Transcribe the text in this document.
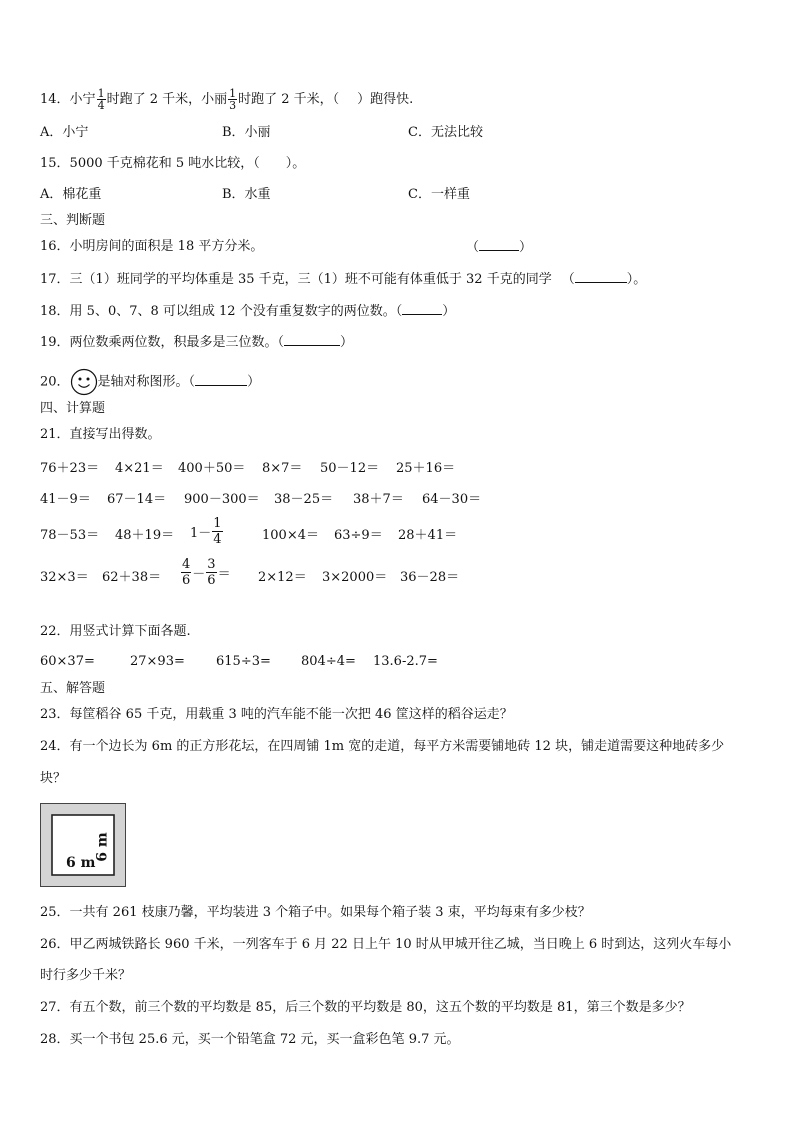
14．小宁 $\frac{1}{4}$ 时跑了 2 千米，小丽 $\frac{1}{3}$ 时跑了 2 千米，（ ）跑得快.
A．小宁	B．小丽	C．无法比较
15．5000 千克棉花和 5 吨水比较，（　　）。
A．棉花重	B．水重	C．一样重
三、判断题
16．小明房间的面积是 18 平方分米。	（	）
17．三（1）班同学的平均体重是 35 千克，三（1）班不可能有体重低于 32 千克的同学 （	）。
18．用 5、0、7、8 可以组成 12 个没有重复数字的两位数。（	）
19．两位数乘两位数，积最多是三位数。（	）
20． 是轴对称图形。（	）
四、计算题
21．直接写出得数。
76＋23＝ 4×21＝ 400＋50＝ 8×7＝ 50－12＝ 25＋16＝
41－9＝ 67－14＝ 900－300＝ 38－25＝ 38＋7＝ 64－30＝
$78-53= 48+19= 1- \frac{1}{4}$	100×4＝ 63÷9＝ 28＋41＝
$32\times 3= 62+38= \frac{4}{6} - \frac{3}{6} = 2\times 12= 3\times 2000= 36-28=$
22．用竖式计算下面各题.
60×37=	27×93= 615÷3= 804÷4= 13.6-2.7=
五、解答题
23．每筐稻谷 65 千克，用载重 3 吨的汽车能不能一次把 46 筐这样的稻谷运走？
24．有一个边长为 6m 的正方形花坛，在四周铺 1m 宽的走道，每平方米需要铺地砖 12 块，铺走道需要这种地砖多少
块？
6 m
6 m
25．一共有 261 枝康乃馨，平均装进 3 个箱子中。如果每个箱子装 3 束，平均每束有多少枝？
26．甲乙两城铁路长 960 千米，一列客车于 6 月 22 日上午 10 时从甲城开往乙城，当日晚上 6 时到达，这列火车每小
时行多少千米？
27．有五个数，前三个数的平均数是 85，后三个数的平均数是 80，这五个数的平均数是 81，第三个数是多少？
28．买一个书包 25.6 元，买一个铅笔盒 72 元，买一盒彩色笔 9.7 元。
